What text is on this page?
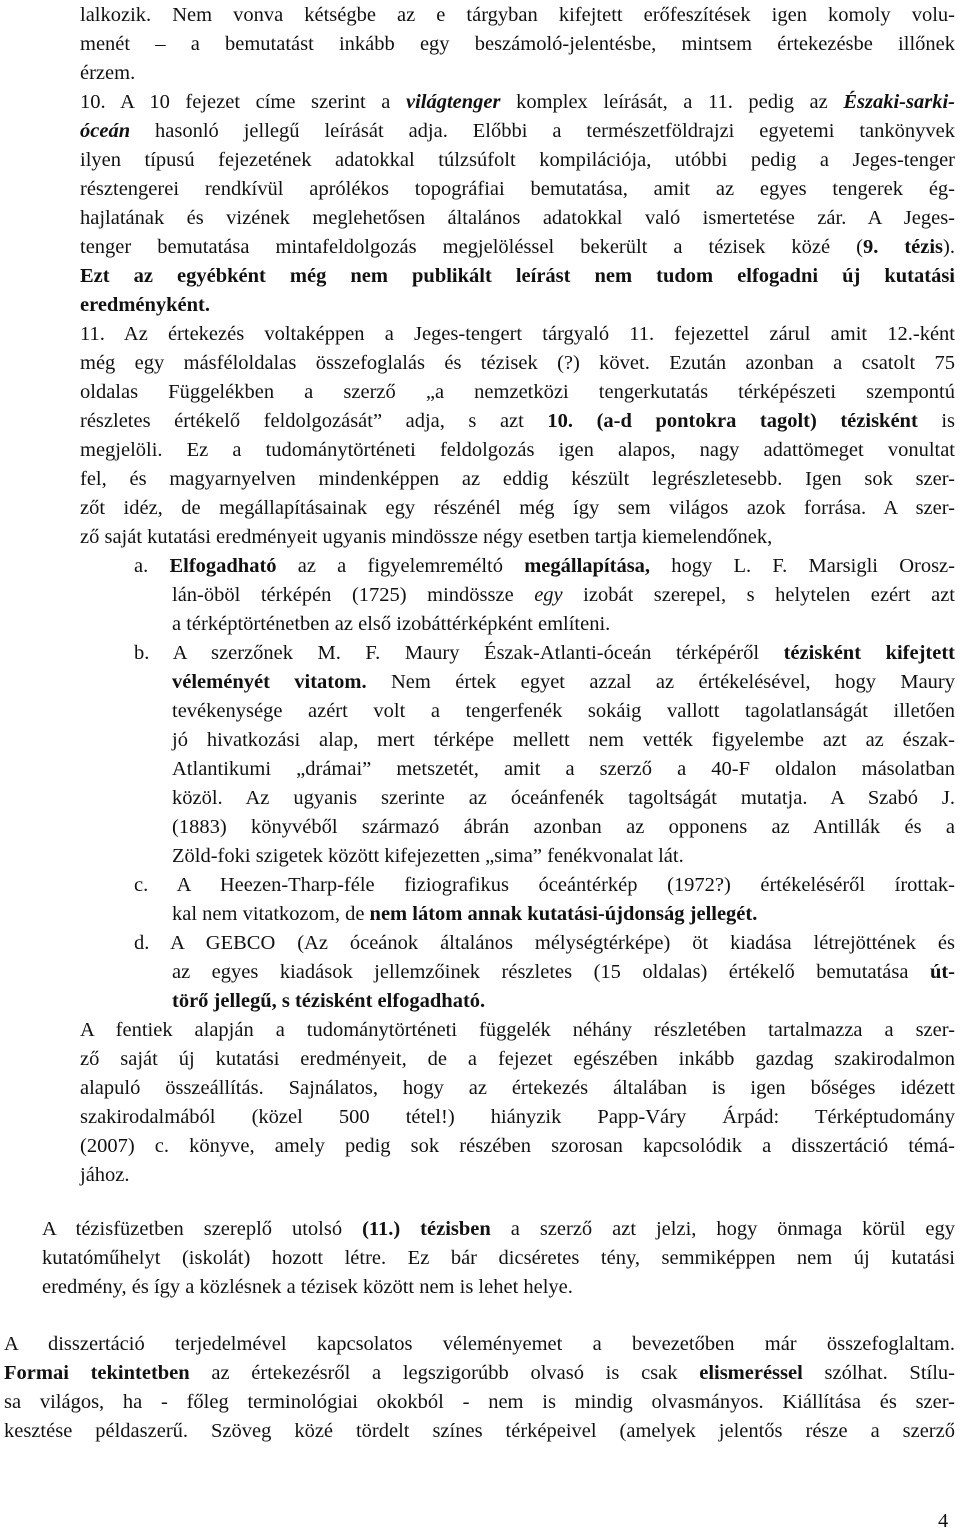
lalkozik. Nem vonva kétségbe az e tárgyban kifejtett erőfeszítések igen komoly volu-
menét – a bemutatást inkább egy beszámoló-jelentésbe, mintsem értekezésbe illőnek
érzem.
10. A 10 fejezet címe szerint a világtenger komplex leírását, a 11. pedig az Északi-sarki-
óceán hasonló jellegű leírását adja. Előbbi a természetföldrajzi egyetemi tankönyvek
ilyen típusú fejezetének adatokkal túlzsúfolt kompilációja, utóbbi pedig a Jeges-tenger
résztengerei rendkívül aprólékos topográfiai bemutatása, amit az egyes tengerek ég-
hajlatának és vizének meglehetősen általános adatokkal való ismertetése zár. A Jeges-
tenger bemutatása mintafeldolgozás megjelöléssel bekerült a tézisek közé (9. tézis).
Ezt az egyébként még nem publikált leírást nem tudom elfogadni új kutatási
eredményként.
11. Az értekezés voltaképpen a Jeges-tengert tárgyaló 11. fejezettel zárul amit 12.-ként
még egy másféloldalas összefoglalás és tézisek (?) követ. Ezután azonban a csatolt 75
oldalas Függelékben a szerző „a nemzetközi tengerkutatás térképészeti szempontú
részletes értékelő feldolgozását” adja, s azt 10. (a-d pontokra tagolt) tézisként is
megjelöli. Ez a tudománytörténeti feldolgozás igen alapos, nagy adattömeget vonultat
fel, és magyarnyelven mindenképpen az eddig készült legrészletesebb. Igen sok szer-
zőt idéz, de megállapításainak egy részénél még így sem világos azok forrása. A szer-
ző saját kutatási eredményeit ugyanis mindössze négy esetben tartja kiemelendőnek,
a. Elfogadható az a figyelemreméltó megállapítása, hogy L. F. Marsigli Orosz-
lán-öböl térképén (1725) mindössze egy izobát szerepel, s helytelen ezért azt
a térképtörténetben az első izobáttérképként említeni.
b. A szerzőnek M. F. Maury Észak-Atlanti-óceán térképéről tézisként kifejtett
véleményét vitatom. Nem értek egyet azzal az értékelésével, hogy Maury
tevékenysége azért volt a tengerfenék sokáig vallott tagolatlanságát illetően
jó hivatkozási alap, mert térképe mellett nem vették figyelembe azt az észak-
Atlantikumi „drámai” metszetét, amit a szerző a 40-F oldalon másolatban
közöl. Az ugyanis szerinte az óceánfenék tagoltságát mutatja. A Szabó J.
(1883) könyvéből származó ábrán azonban az opponens az Antillák és a
Zöld-foki szigetek között kifejezetten „sima” fenékvonalat lát.
c. A Heezen-Tharp-féle fiziografikus óceántérkép (1972?) értékeléséről írottak-
kal nem vitatkozom, de nem látom annak kutatási-újdonság jellegét.
d. A GEBCO (Az óceánok általános mélységtérképe) öt kiadása létrejöttének és
az egyes kiadások jellemzőinek részletes (15 oldalas) értékelő bemutatása út-
törő jellegű, s tézisként elfogadható.
A fentiek alapján a tudománytörténeti függelék néhány részletében tartalmazza a szer-
ző saját új kutatási eredményeit, de a fejezet egészében inkább gazdag szakirodalmon
alapuló összeállítás. Sajnálatos, hogy az értekezés általában is igen bőséges idézett
szakirodalmából (közel 500 tétel!) hiányzik Papp-Váry Árpád: Térképtudomány
(2007) c. könyve, amely pedig sok részében szorosan kapcsolódik a disszertáció témá-
jához.
A tézisfüzetben szereplő utolsó (11.) tézisben a szerző azt jelzi, hogy önmaga körül egy
kutatóműhelyt (iskolát) hozott létre. Ez bár dicséretes tény, semmiképpen nem új kutatási
eredmény, és így a közlésnek a tézisek között nem is lehet helye.
A disszertáció terjedelmével kapcsolatos véleményemet a bevezetőben már összefoglaltam.
Formai tekintetben az értekezésről a legszigorúbb olvasó is csak elismeréssel szólhat. Stílu-
sa világos, ha - főleg terminológiai okokból - nem is mindig olvasmányos. Kiállítása és szer-
kesztése példaszerű. Szöveg közé tördelt színes térképeivel (amelyek jelentős része a szerző
4
